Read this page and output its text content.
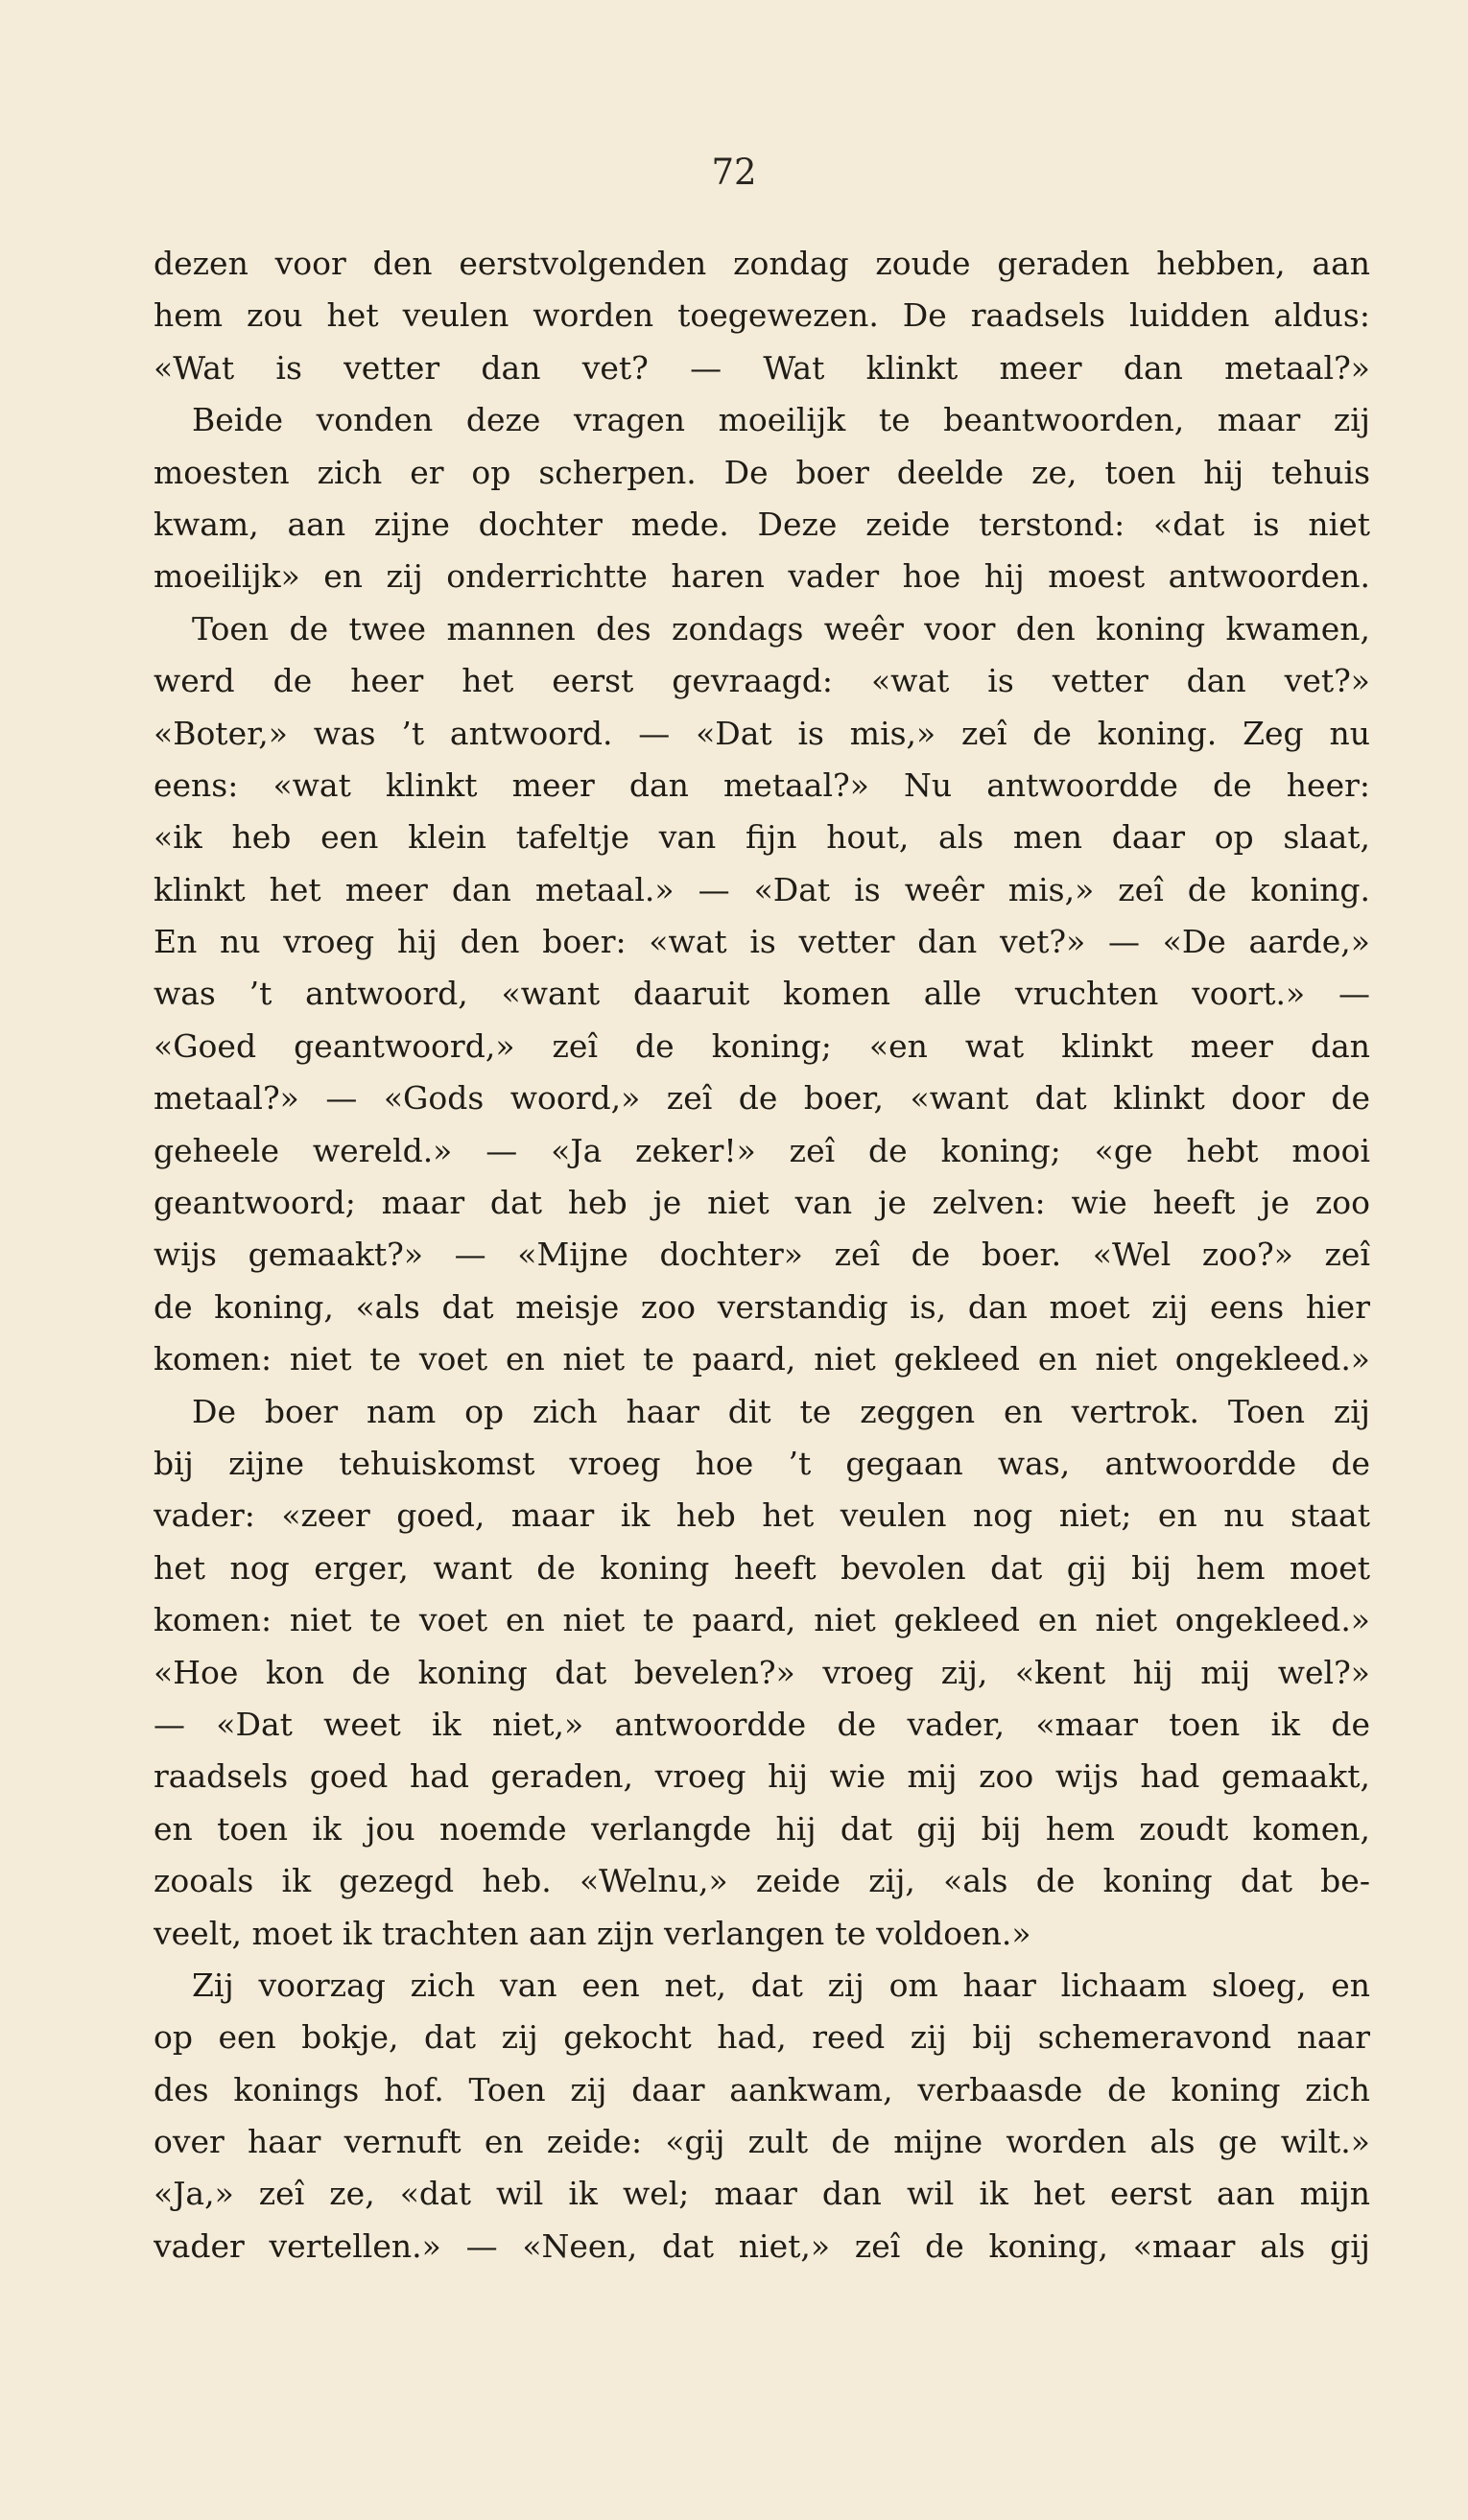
72
dezen voor den eerstvolgenden zondag zoude geraden hebben, aan
hem zou het veulen worden toegewezen. De raadsels luidden aldus:
«Wat is vetter dan vet? — Wat klinkt meer dan metaal?»
Beide vonden deze vragen moeilijk te beantwoorden, maar zij
moesten zich er op scherpen. De boer deelde ze, toen hij tehuis
kwam, aan zijne dochter mede. Deze zeide terstond: «dat is niet
moeilijk» en zij onderrichtte haren vader hoe hij moest antwoorden.
Toen de twee mannen des zondags weêr voor den koning kwamen,
werd de heer het eerst gevraagd: «wat is vetter dan vet?»
«Boter,» was ’t antwoord. — «Dat is mis,» zeî de koning. Zeg nu
eens: «wat klinkt meer dan metaal?» Nu antwoordde de heer:
«ik heb een klein tafeltje van fijn hout, als men daar op slaat,
klinkt het meer dan metaal.» — «Dat is weêr mis,» zeî de koning.
En nu vroeg hij den boer: «wat is vetter dan vet?» — «De aarde,»
was ’t antwoord, «want daaruit komen alle vruchten voort.» —
«Goed geantwoord,» zeî de koning; «en wat klinkt meer dan
metaal?» — «Gods woord,» zeî de boer, «want dat klinkt door de
geheele wereld.» — «Ja zeker!» zeî de koning; «ge hebt mooi
geantwoord; maar dat heb je niet van je zelven: wie heeft je zoo
wijs gemaakt?» — «Mijne dochter» zeî de boer. «Wel zoo?» zeî
de koning, «als dat meisje zoo verstandig is, dan moet zij eens hier
komen: niet te voet en niet te paard, niet gekleed en niet ongekleed.»
De boer nam op zich haar dit te zeggen en vertrok. Toen zij
bij zijne tehuiskomst vroeg hoe ’t gegaan was, antwoordde de
vader: «zeer goed, maar ik heb het veulen nog niet; en nu staat
het nog erger, want de koning heeft bevolen dat gij bij hem moet
komen: niet te voet en niet te paard, niet gekleed en niet ongekleed.»
«Hoe kon de koning dat bevelen?» vroeg zij, «kent hij mij wel?»
— «Dat weet ik niet,» antwoordde de vader, «maar toen ik de
raadsels goed had geraden, vroeg hij wie mij zoo wijs had gemaakt,
en toen ik jou noemde verlangde hij dat gij bij hem zoudt komen,
zooals ik gezegd heb. «Welnu,» zeide zij, «als de koning dat be-
veelt, moet ik trachten aan zijn verlangen te voldoen.»
Zij voorzag zich van een net, dat zij om haar lichaam sloeg, en
op een bokje, dat zij gekocht had, reed zij bij schemeravond naar
des konings hof. Toen zij daar aankwam, verbaasde de koning zich
over haar vernuft en zeide: «gij zult de mijne worden als ge wilt.»
«Ja,» zeî ze, «dat wil ik wel; maar dan wil ik het eerst aan mijn
vader vertellen.» — «Neen, dat niet,» zeî de koning, «maar als gij
